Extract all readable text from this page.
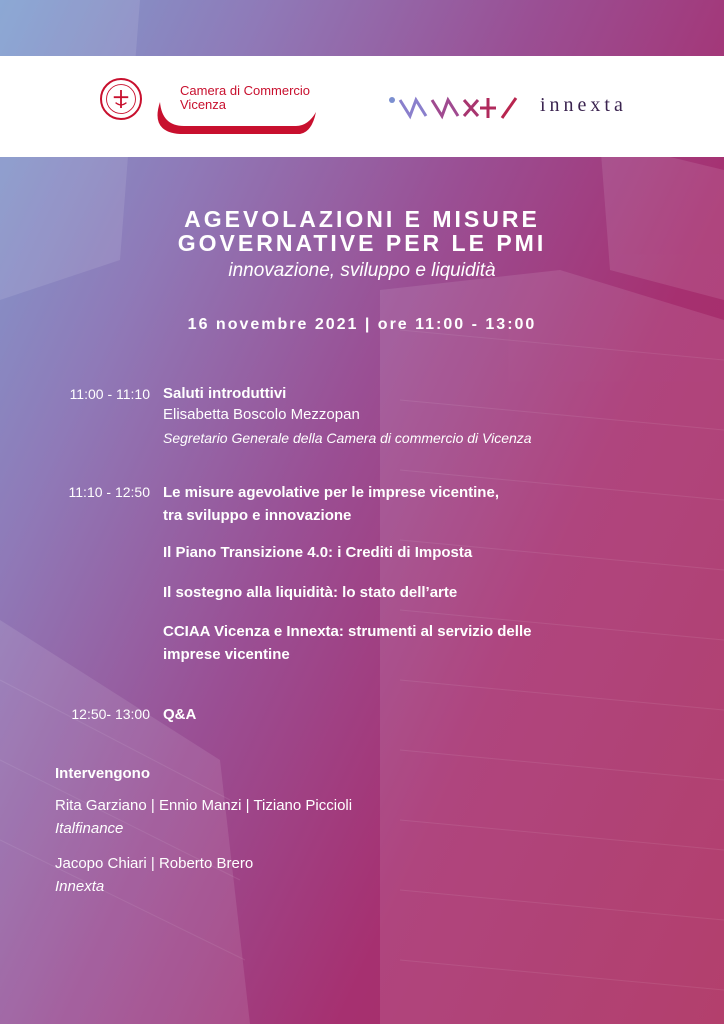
Camera di Commercio
Vicenza	innexta
AGEVOLAZIONI E MISURE
GOVERNATIVE PER LE PMI
innovazione, sviluppo e liquidità
16 novembre 2021 | ore 11:00 - 13:00
11:00 - 11:10 Saluti introduttivi
Elisabetta Boscolo Mezzopan
Segretario Generale della Camera di commercio di Vicenza
11:10 - 12:50 Le misure agevolative per le imprese vicentine,
tra sviluppo e innovazione
Il Piano Transizione 4.0: i Crediti di Imposta
Il sostegno alla liquidità: lo stato dell’arte
CCIAA Vicenza e Innexta: strumenti al servizio delle
imprese vicentine
12:50- 13:00 Q&A
Intervengono
Rita Garziano | Ennio Manzi | Tiziano Piccioli
Italfinance
Jacopo Chiari | Roberto Brero
Innexta
